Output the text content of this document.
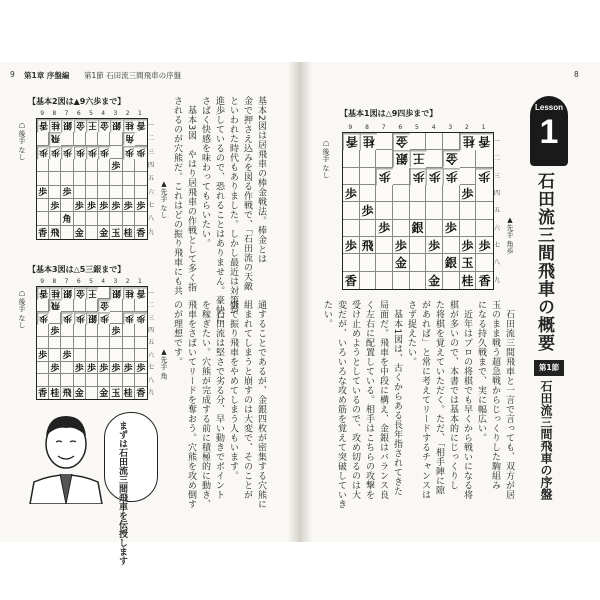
9 第1章 序盤編 第1節 石田流三間飛車の序盤	8
【基本2図は▲9六歩まで】
9 8 7 6 5 4 3 2 1
香 桂 銀 金 王 金 銀 桂 香
飛	角
歩 歩 歩 歩 歩 歩 歩 歩
歩
歩 歩
歩 歩 歩 歩 歩 歩 歩
角
香 飛 金 金 玉 桂 香
一
二
三
四
五
六
七
八
九
☖後手 なし
▲先手 なし
【基本3図は△5三銀まで】
9 8 7 6 5 4 3 2 1
香 桂 銀 金 王 銀 桂 香
飛	金
歩 歩 歩 銀 歩 歩 歩
歩	歩
歩 歩
歩 歩 歩 歩 歩 歩 歩
香 桂 飛 金 金 玉 桂 香
一
二
三
四
五
六
七
八
九
☖後手 なし
▲先手 角
基本2図は居飛車の棒金戦法。棒金とは
金で押さえ込みを図る作戦で、「石田流の天敵
といわれた時代もありました。しかし最近は対策が
進歩しているので、恐れることはありません。豪快に
さばく快感を味わってもらいたい。
　基本3図　やはり居飛車の作戦として多く指
されるのが穴熊だ。これはどの振り飛車にも共
通することであるが、金銀四枚が密集する穴熊に
組まれてしまうと崩すのは大変で、そのことが
嫌で振り飛車をやめてしまう人もいます。
　石田流は堅さで劣る分、早い動きでポイント
を稼ぎたい。穴熊が完成する前に積極的に動き、
飛車をさばいてリードを奪おう。穴熊を攻め倒す
のが理想です。
まずは石田流三間飛車を伝授します
【基本1図は△9四歩まで】
9 8 7 6 5 4 3 2 1
香 桂 金	桂 香
銀 王 金
歩 歩 歩 歩 歩
歩	歩
歩
歩 銀 歩
歩 飛 歩 歩 歩 歩
金	銀 玉
香	金 桂 香
一
二
三
四
五
六
七
八
九
☖後手 なし
▲先手 角歩
Lesson
1
石田流三間飛車の概要
第1節
石田流三間飛車の序盤
　石田流三間飛車と一言で言っても、双方が居
玉のまま戦う超急戦からじっくりした駒組み
になる持久戦まで、実に幅広い。
　近年はプロの将棋でも早くから戦いになる将
棋が多いので、本書では基本的にじっくりし
た将棋を覚えていただく。ただ、「相手陣に隙
があれば」と常に考えてリードするチャンスは
さず捉えたい。
　基本1図は、古くからある長年指されてきた
局面だ。飛車を中段に構え、金銀はバランス良
く左右に配置している。相手はこちらの攻撃を
受け止めようとしているので、攻め切るのは大
変だが、いろいろな攻め筋を覚えて突破していき
たい。
